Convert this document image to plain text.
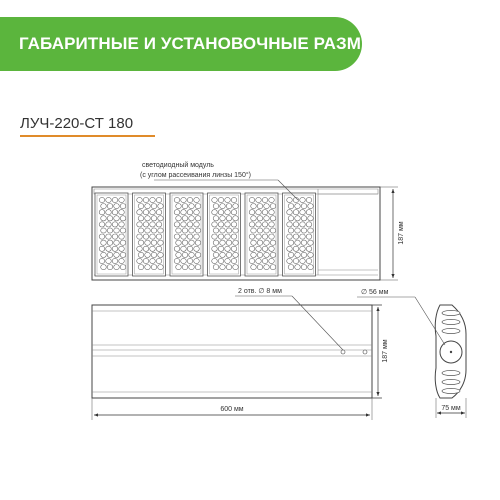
ГАБАРИТНЫЕ И УСТАНОВОЧНЫЕ РАЗМЕРЫ
ЛУЧ-220-СТ 180
светодиодный модуль
(с углом рассеивания линзы 150°)
187 мм
2 отв. ∅ 8 мм
187 мм
600 мм
∅ 56 мм
75 мм
